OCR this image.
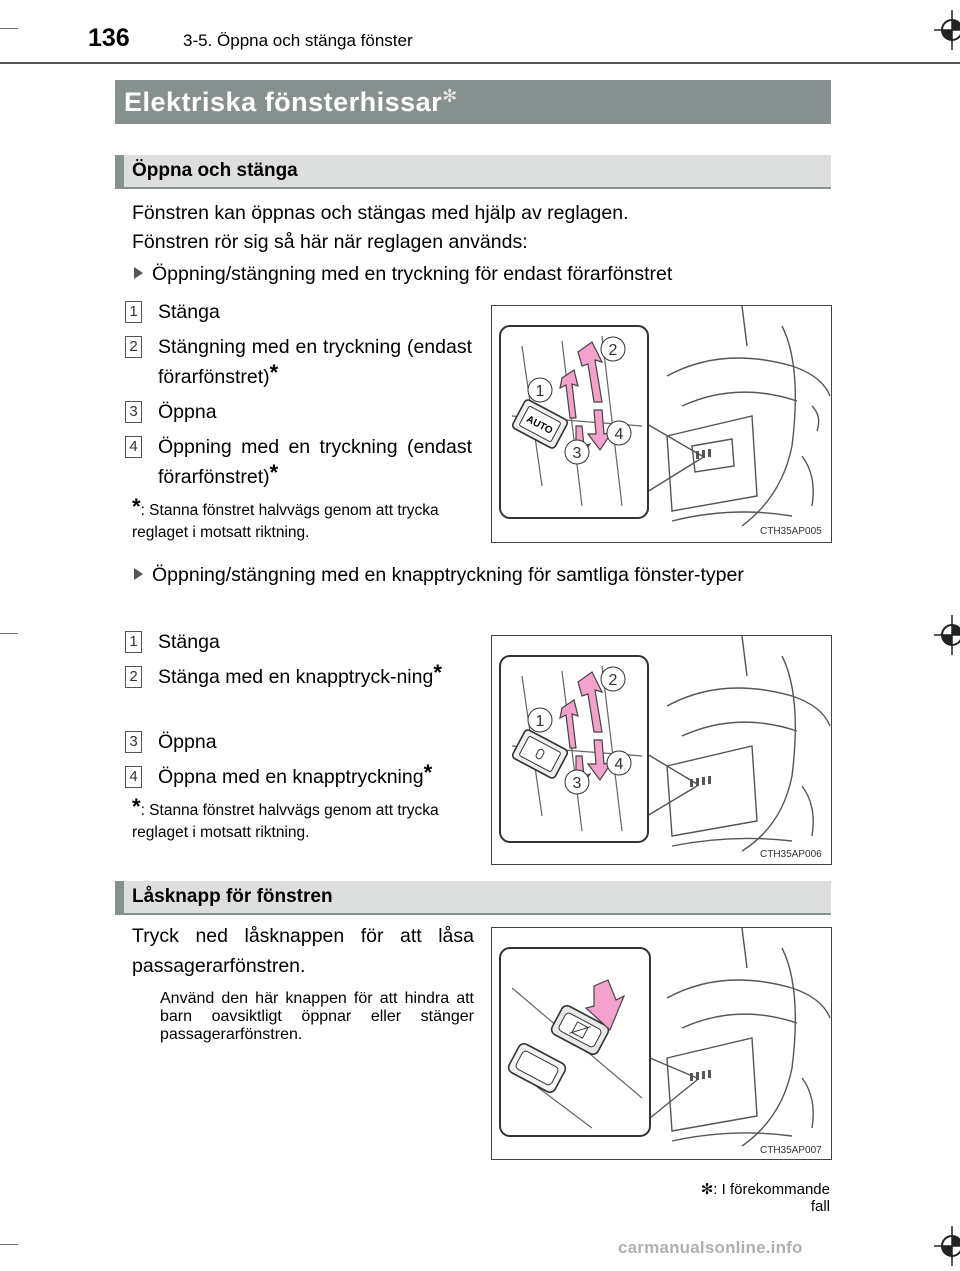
136	3-5. Öppna och stänga fönster
Elektriska fönsterhissar✻
Öppna och stänga
Fönstren kan öppnas och stängas med hjälp av reglagen.
Fönstren rör sig så här när reglagen används:
Öppning/stängning med en tryckning för endast förarfönstret
1 Stänga
2 Stängning med en tryckning (endast förarfönstret)*
3 Öppna
4 Öppning med en tryckning (endast förarfönstret)*
*: Stanna fönstret halvvägs genom att trycka reglaget i motsatt riktning.
AUTO
1
2
3
4
CTH35AP005
Öppning/stängning med en knapptryckning för samtliga fönster-typer
1 Stänga
2 Stänga med en knapptryck-ning*
3 Öppna
4 Öppna med en knapptryckning*
*: Stanna fönstret halvvägs genom att trycka reglaget i motsatt riktning.
1
2
3
4
CTH35AP006
Låsknapp för fönstren
Tryck ned låsknappen för att låsa passagerarfönstren.
Använd den här knappen för att hindra att barn oavsiktligt öppnar eller stänger passagerarfönstren.
CTH35AP007
✻: I förekommande fall
carmanualsonline.info
